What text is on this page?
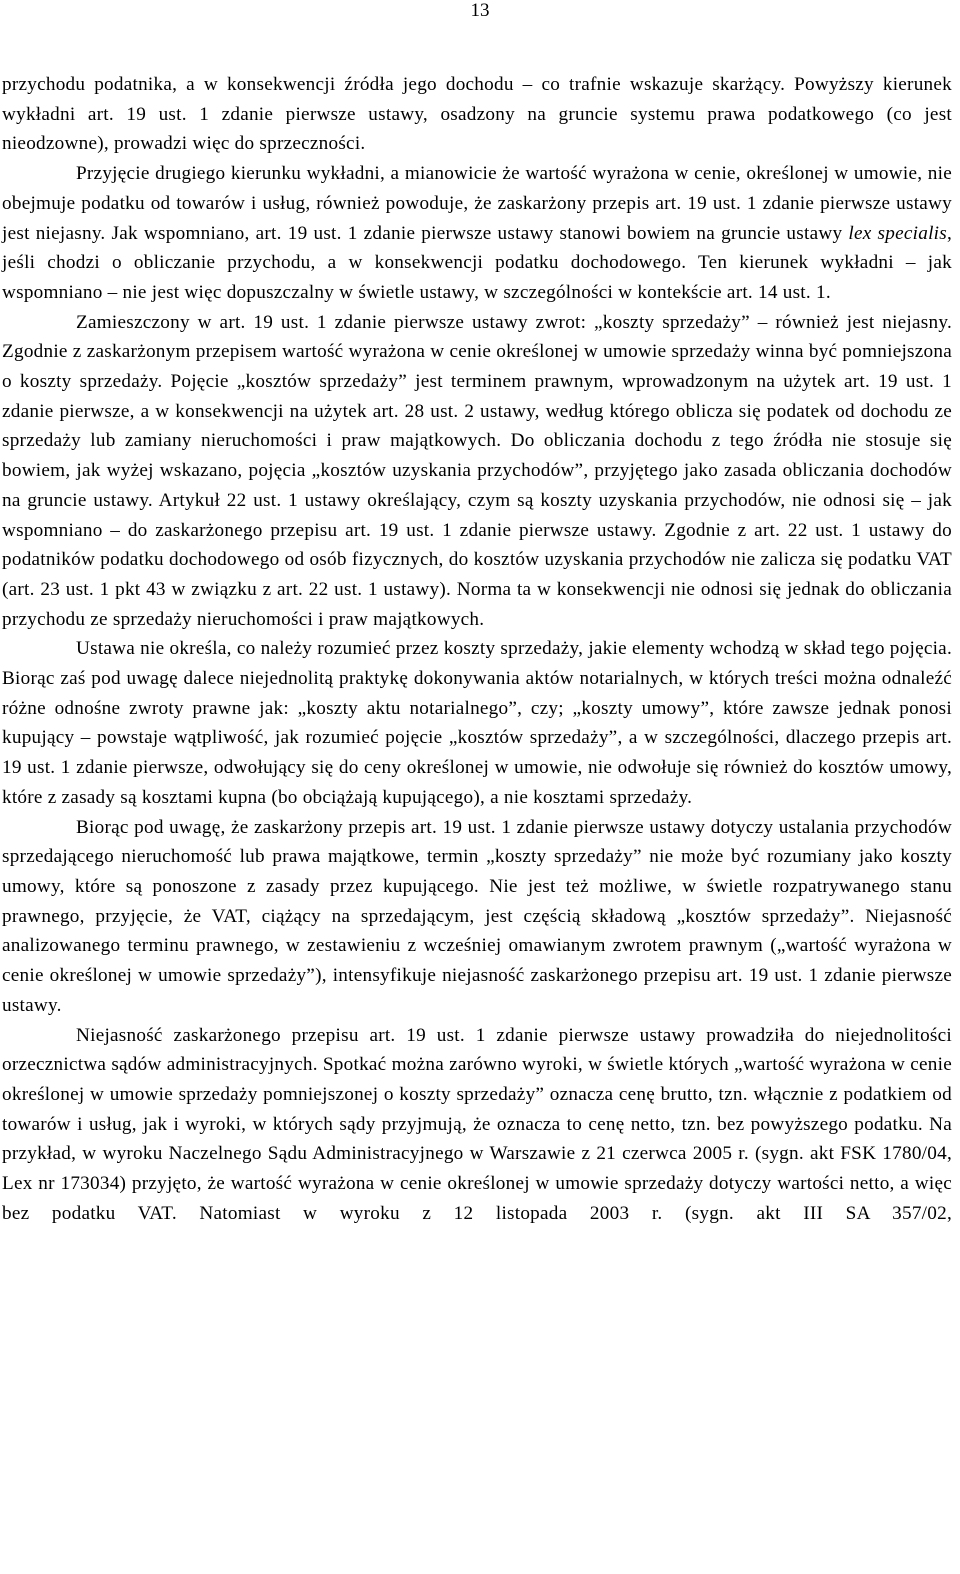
13

przychodu podatnika, a w konsekwencji źródła jego dochodu – co trafnie wskazuje skarżący. Powyższy kierunek wykładni art. 19 ust. 1 zdanie pierwsze ustawy, osadzony na gruncie systemu prawa podatkowego (co jest nieodzowne), prowadzi więc do sprzeczności.

Przyjęcie drugiego kierunku wykładni, a mianowicie że wartość wyrażona w cenie, określonej w umowie, nie obejmuje podatku od towarów i usług, również powoduje, że zaskarżony przepis art. 19 ust. 1 zdanie pierwsze ustawy jest niejasny. Jak wspomniano, art. 19 ust. 1 zdanie pierwsze ustawy stanowi bowiem na gruncie ustawy lex specialis, jeśli chodzi o obliczanie przychodu, a w konsekwencji podatku dochodowego. Ten kierunek wykładni – jak wspomniano – nie jest więc dopuszczalny w świetle ustawy, w szczególności w kontekście art. 14 ust. 1.

Zamieszczony w art. 19 ust. 1 zdanie pierwsze ustawy zwrot: „koszty sprzedaży” – również jest niejasny. Zgodnie z zaskarżonym przepisem wartość wyrażona w cenie określonej w umowie sprzedaży winna być pomniejszona o koszty sprzedaży. Pojęcie „kosztów sprzedaży” jest terminem prawnym, wprowadzonym na użytek art. 19 ust. 1 zdanie pierwsze, a w konsekwencji na użytek art. 28 ust. 2 ustawy, według którego oblicza się podatek od dochodu ze sprzedaży lub zamiany nieruchomości i praw majątkowych. Do obliczania dochodu z tego źródła nie stosuje się bowiem, jak wyżej wskazano, pojęcia „kosztów uzyskania przychodów”, przyjętego jako zasada obliczania dochodów na gruncie ustawy. Artykuł 22 ust. 1 ustawy określający, czym są koszty uzyskania przychodów, nie odnosi się – jak wspomniano – do zaskarżonego przepisu art. 19 ust. 1 zdanie pierwsze ustawy. Zgodnie z art. 22 ust. 1 ustawy do podatników podatku dochodowego od osób fizycznych, do kosztów uzyskania przychodów nie zalicza się podatku VAT (art. 23 ust. 1 pkt 43 w związku z art. 22 ust. 1 ustawy). Norma ta w konsekwencji nie odnosi się jednak do obliczania przychodu ze sprzedaży nieruchomości i praw majątkowych.

Ustawa nie określa, co należy rozumieć przez koszty sprzedaży, jakie elementy wchodzą w skład tego pojęcia. Biorąc zaś pod uwagę dalece niejednolitą praktykę dokonywania aktów notarialnych, w których treści można odnaleźć różne odnośne zwroty prawne jak: „koszty aktu notarialnego”, czy; „koszty umowy”, które zawsze jednak ponosi kupujący – powstaje wątpliwość, jak rozumieć pojęcie „kosztów sprzedaży”, a w szczególności, dlaczego przepis art. 19 ust. 1 zdanie pierwsze, odwołujący się do ceny określonej w umowie, nie odwołuje się również do kosztów umowy, które z zasady są kosztami kupna (bo obciążają kupującego), a nie kosztami sprzedaży.

Biorąc pod uwagę, że zaskarżony przepis art. 19 ust. 1 zdanie pierwsze ustawy dotyczy ustalania przychodów sprzedającego nieruchomość lub prawa majątkowe, termin „koszty sprzedaży” nie może być rozumiany jako koszty umowy, które są ponoszone z zasady przez kupującego. Nie jest też możliwe, w świetle rozpatrywanego stanu prawnego, przyjęcie, że VAT, ciążący na sprzedającym, jest częścią składową „kosztów sprzedaży”. Niejasność analizowanego terminu prawnego, w zestawieniu z wcześniej omawianym zwrotem prawnym („wartość wyrażona w cenie określonej w umowie sprzedaży”), intensyfikuje niejasność zaskarżonego przepisu art. 19 ust. 1 zdanie pierwsze ustawy.

Niejasność zaskarżonego przepisu art. 19 ust. 1 zdanie pierwsze ustawy prowadziła do niejednolitości orzecznictwa sądów administracyjnych. Spotkać można zarówno wyroki, w świetle których „wartość wyrażona w cenie określonej w umowie sprzedaży pomniejszonej o koszty sprzedaży” oznacza cenę brutto, tzn. włącznie z podatkiem od towarów i usług, jak i wyroki, w których sądy przyjmują, że oznacza to cenę netto, tzn. bez powyższego podatku. Na przykład, w wyroku Naczelnego Sądu Administracyjnego w Warszawie z 21 czerwca 2005 r. (sygn. akt FSK 1780/04, Lex nr 173034) przyjęto, że wartość wyrażona w cenie określonej w umowie sprzedaży dotyczy wartości netto, a więc bez podatku VAT. Natomiast w wyroku z 12 listopada 2003 r. (sygn. akt III SA 357/02,
